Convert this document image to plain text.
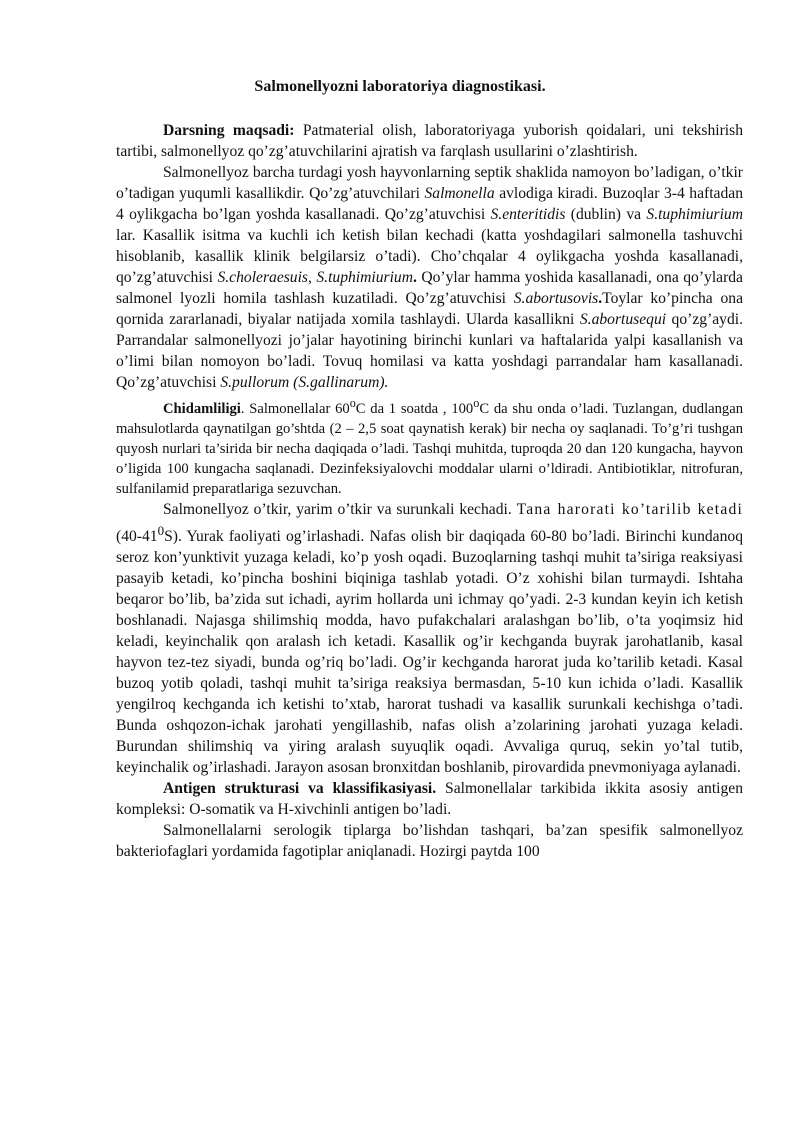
Salmonellyozni laboratoriya diagnostikasi.

Darsning maqsadi: Patmaterial olish, laboratoriyaga yuborish qoidalari, uni tekshirish tartibi, salmonellyoz qo’zg’atuvchilarini ajratish va farqlash usullarini o’zlashtirish.

Salmonellyoz barcha turdagi yosh hayvonlarning septik shaklida namoyon bo’ladigan, o’tkir o’tadigan yuqumli kasallikdir. Qo’zg’atuvchilari Salmonella avlodiga kiradi. Buzoqlar 3-4 haftadan 4 oylikgacha bo’lgan yoshda kasallanadi. Qo’zg’atuvchisi S.enteritidis (dublin) va S.tuphimiurium lar. Kasallik isitma va kuchli ich ketish bilan kechadi (katta yoshdagilari salmonella tashuvchi hisoblanib, kasallik klinik belgilarsiz o’tadi). Cho’chqalar 4 oylikgacha yoshda kasallanadi, qo’zg’atuvchisi S.choleraesuis, S.tuphimiurium. Qo’ylar hamma yoshida kasallanadi, ona qo’ylarda salmonel lyozli homila tashlash kuzatiladi. Qo’zg’atuvchisi S.abortusovis.Toylar ko’pincha ona qornida zararlanadi, biyalar natijada xomila tashlaydi. Ularda kasallikni S.abortusequi qo’zg’aydi. Parrandalar salmonellyozi jo’jalar hayotining birinchi kunlari va haftalarida yalpi kasallanish va o’limi bilan nomoyon bo’ladi. Tovuq homilasi va katta yoshdagi parrandalar ham kasallanadi. Qo’zg’atuvchisi S.pullorum (S.gallinarum).

Chidamliligi. Salmonellalar 60$^o$C da 1 soatda , 100$^o$C da shu onda o’ladi. Tuzlangan, dudlangan mahsulotlarda qaynatilgan go’shtda (2 – 2,5 soat qaynatish kerak) bir necha oy saqlanadi. To’g’ri tushgan quyosh nurlari ta’sirida bir necha daqiqada o’ladi. Tashqi muhitda, tuproqda 20 dan 120 kungacha, hayvon o’ligida 100 kungacha saqlanadi. Dezinfeksiyalovchi moddalar ularni o’ldiradi. Antibiotiklar, nitrofuran, sulfanilamid preparatlariga sezuvchan.

Salmonellyoz o’tkir, yarim o’tkir va surunkali kechadi. Tana harorati ko’tarilib ketadi $(40-41^0S)$. Yurak faoliyati og’irlashadi. Nafas olish bir daqiqada 60-80 bo’ladi. Birinchi kundanoq seroz kon’yunktivit yuzaga keladi, ko’p yosh oqadi. Buzoqlarning tashqi muhit ta’siriga reaksiyasi pasayib ketadi, ko’pincha boshini biqiniga tashlab yotadi. O’z xohishi bilan turmaydi. Ishtaha beqaror bo’lib, ba’zida sut ichadi, ayrim hollarda uni ichmay qo’yadi. 2-3 kundan keyin ich ketish boshlanadi. Najasga shilimshiq modda, havo pufakchalari aralashgan bo’lib, o’ta yoqimsiz hid keladi, keyinchalik qon aralash ich ketadi. Kasallik og’ir kechganda buyrak jarohatlanib, kasal hayvon tez-tez siyadi, bunda og’riq bo’ladi. Og’ir kechganda harorat juda ko’tarilib ketadi. Kasal buzoq yotib qoladi, tashqi muhit ta’siriga reaksiya bermasdan, 5-10 kun ichida o’ladi. Kasallik yengilroq kechganda ich ketishi to’xtab, harorat tushadi va kasallik surunkali kechishga o’tadi. Bunda oshqozon-ichak jarohati yengillashib, nafas olish a’zolarining jarohati yuzaga keladi. Burundan shilimshiq va yiring aralash suyuqlik oqadi. Avvaliga quruq, sekin yo’tal tutib, keyinchalik og’irlashadi. Jarayon asosan bronxitdan boshlanib, pirovardida pnevmoniyaga aylanadi.

Antigen strukturasi va klassifikasiyasi. Salmonellalar tarkibida ikkita asosiy antigen kompleksi: O-somatik va H-xivchinli antigen bo’ladi.

Salmonellalarni serologik tiplarga bo’lishdan tashqari, ba’zan spesifik salmonellyoz bakteriofaglari yordamida fagotiplar aniqlanadi. Hozirgi paytda 100
